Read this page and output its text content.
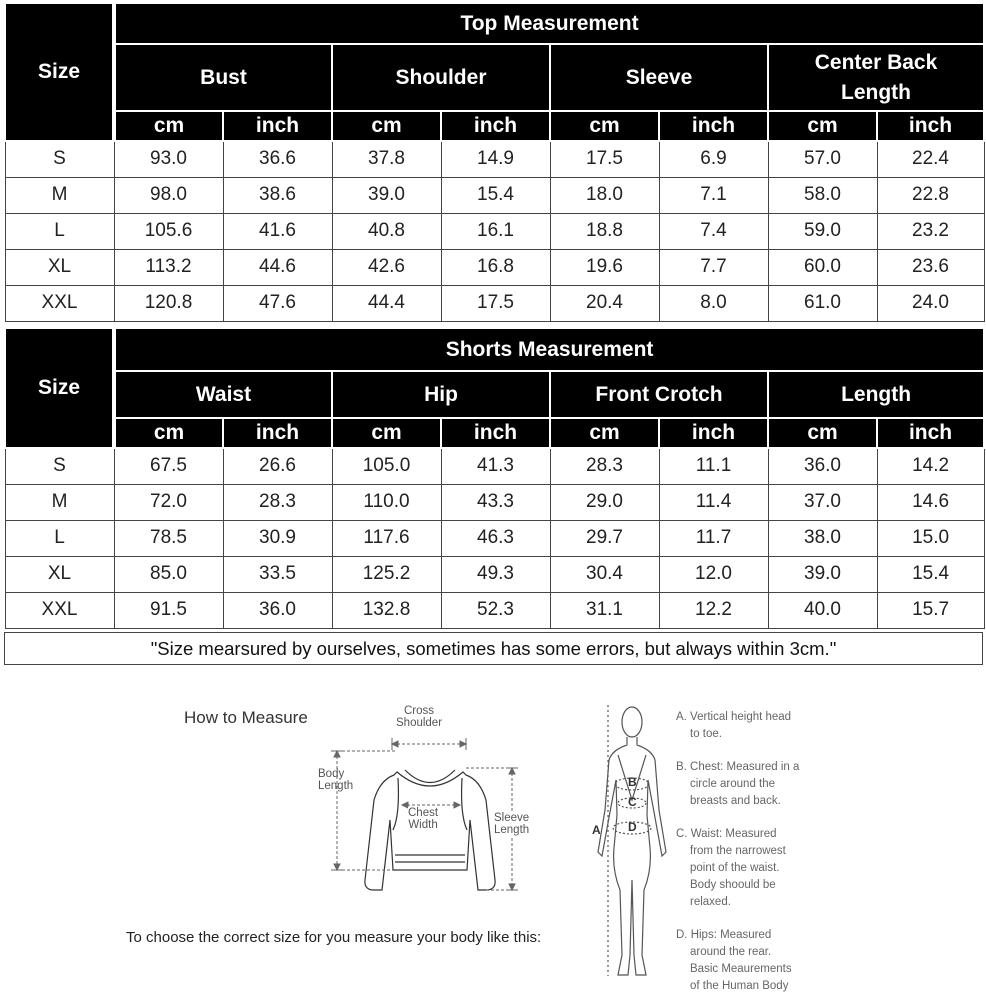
Size	Top Measurement							

	Bust		Shoulder		Sleeve		Center Back
Length	

	cm	inch	cm	inch	cm	inch	cm	inch
S	93.0	36.6	37.8	14.9	17.5	6.9	57.0	22.4
M	98.0	38.6	39.0	15.4	18.0	7.1	58.0	22.8
L	105.6	41.6	40.8	16.1	18.8	7.4	59.0	23.2
XL	113.2	44.6	42.6	16.8	19.6	7.7	60.0	23.6
XXL	120.8	47.6	44.4	17.5	20.4	8.0	61.0	24.0
Size	Shorts Measurement							

	Waist		Hip		Front Crotch		Length	

	cm	inch	cm	inch	cm	inch	cm	inch
S	67.5	26.6	105.0	41.3	28.3	11.1	36.0	14.2
M	72.0	28.3	110.0	43.3	29.0	11.4	37.0	14.6
L	78.5	30.9	117.6	46.3	29.7	11.7	38.0	15.0
XL	85.0	33.5	125.2	49.3	30.4	12.0	39.0	15.4
XXL	91.5	36.0	132.8	52.3	31.1	12.2	40.0	15.7
"Size mearsured by ourselves, sometimes has some errors, but always within 3cm."
How to Measure	Cross
Shoulder
Body
Length
Chest
Width
Sleeve
Length
To choose the correct size for you measure your body like this:
A
B
C
D
A. Vertical height head
to toe.
B. Chest: Measured in a
circle around the
breasts and back.
C. Waist: Measured
from the narrowest
point of the waist.
Body shoould be
relaxed.
D. Hips: Measured
around the rear.
Basic Meaurements
of the Human Body
